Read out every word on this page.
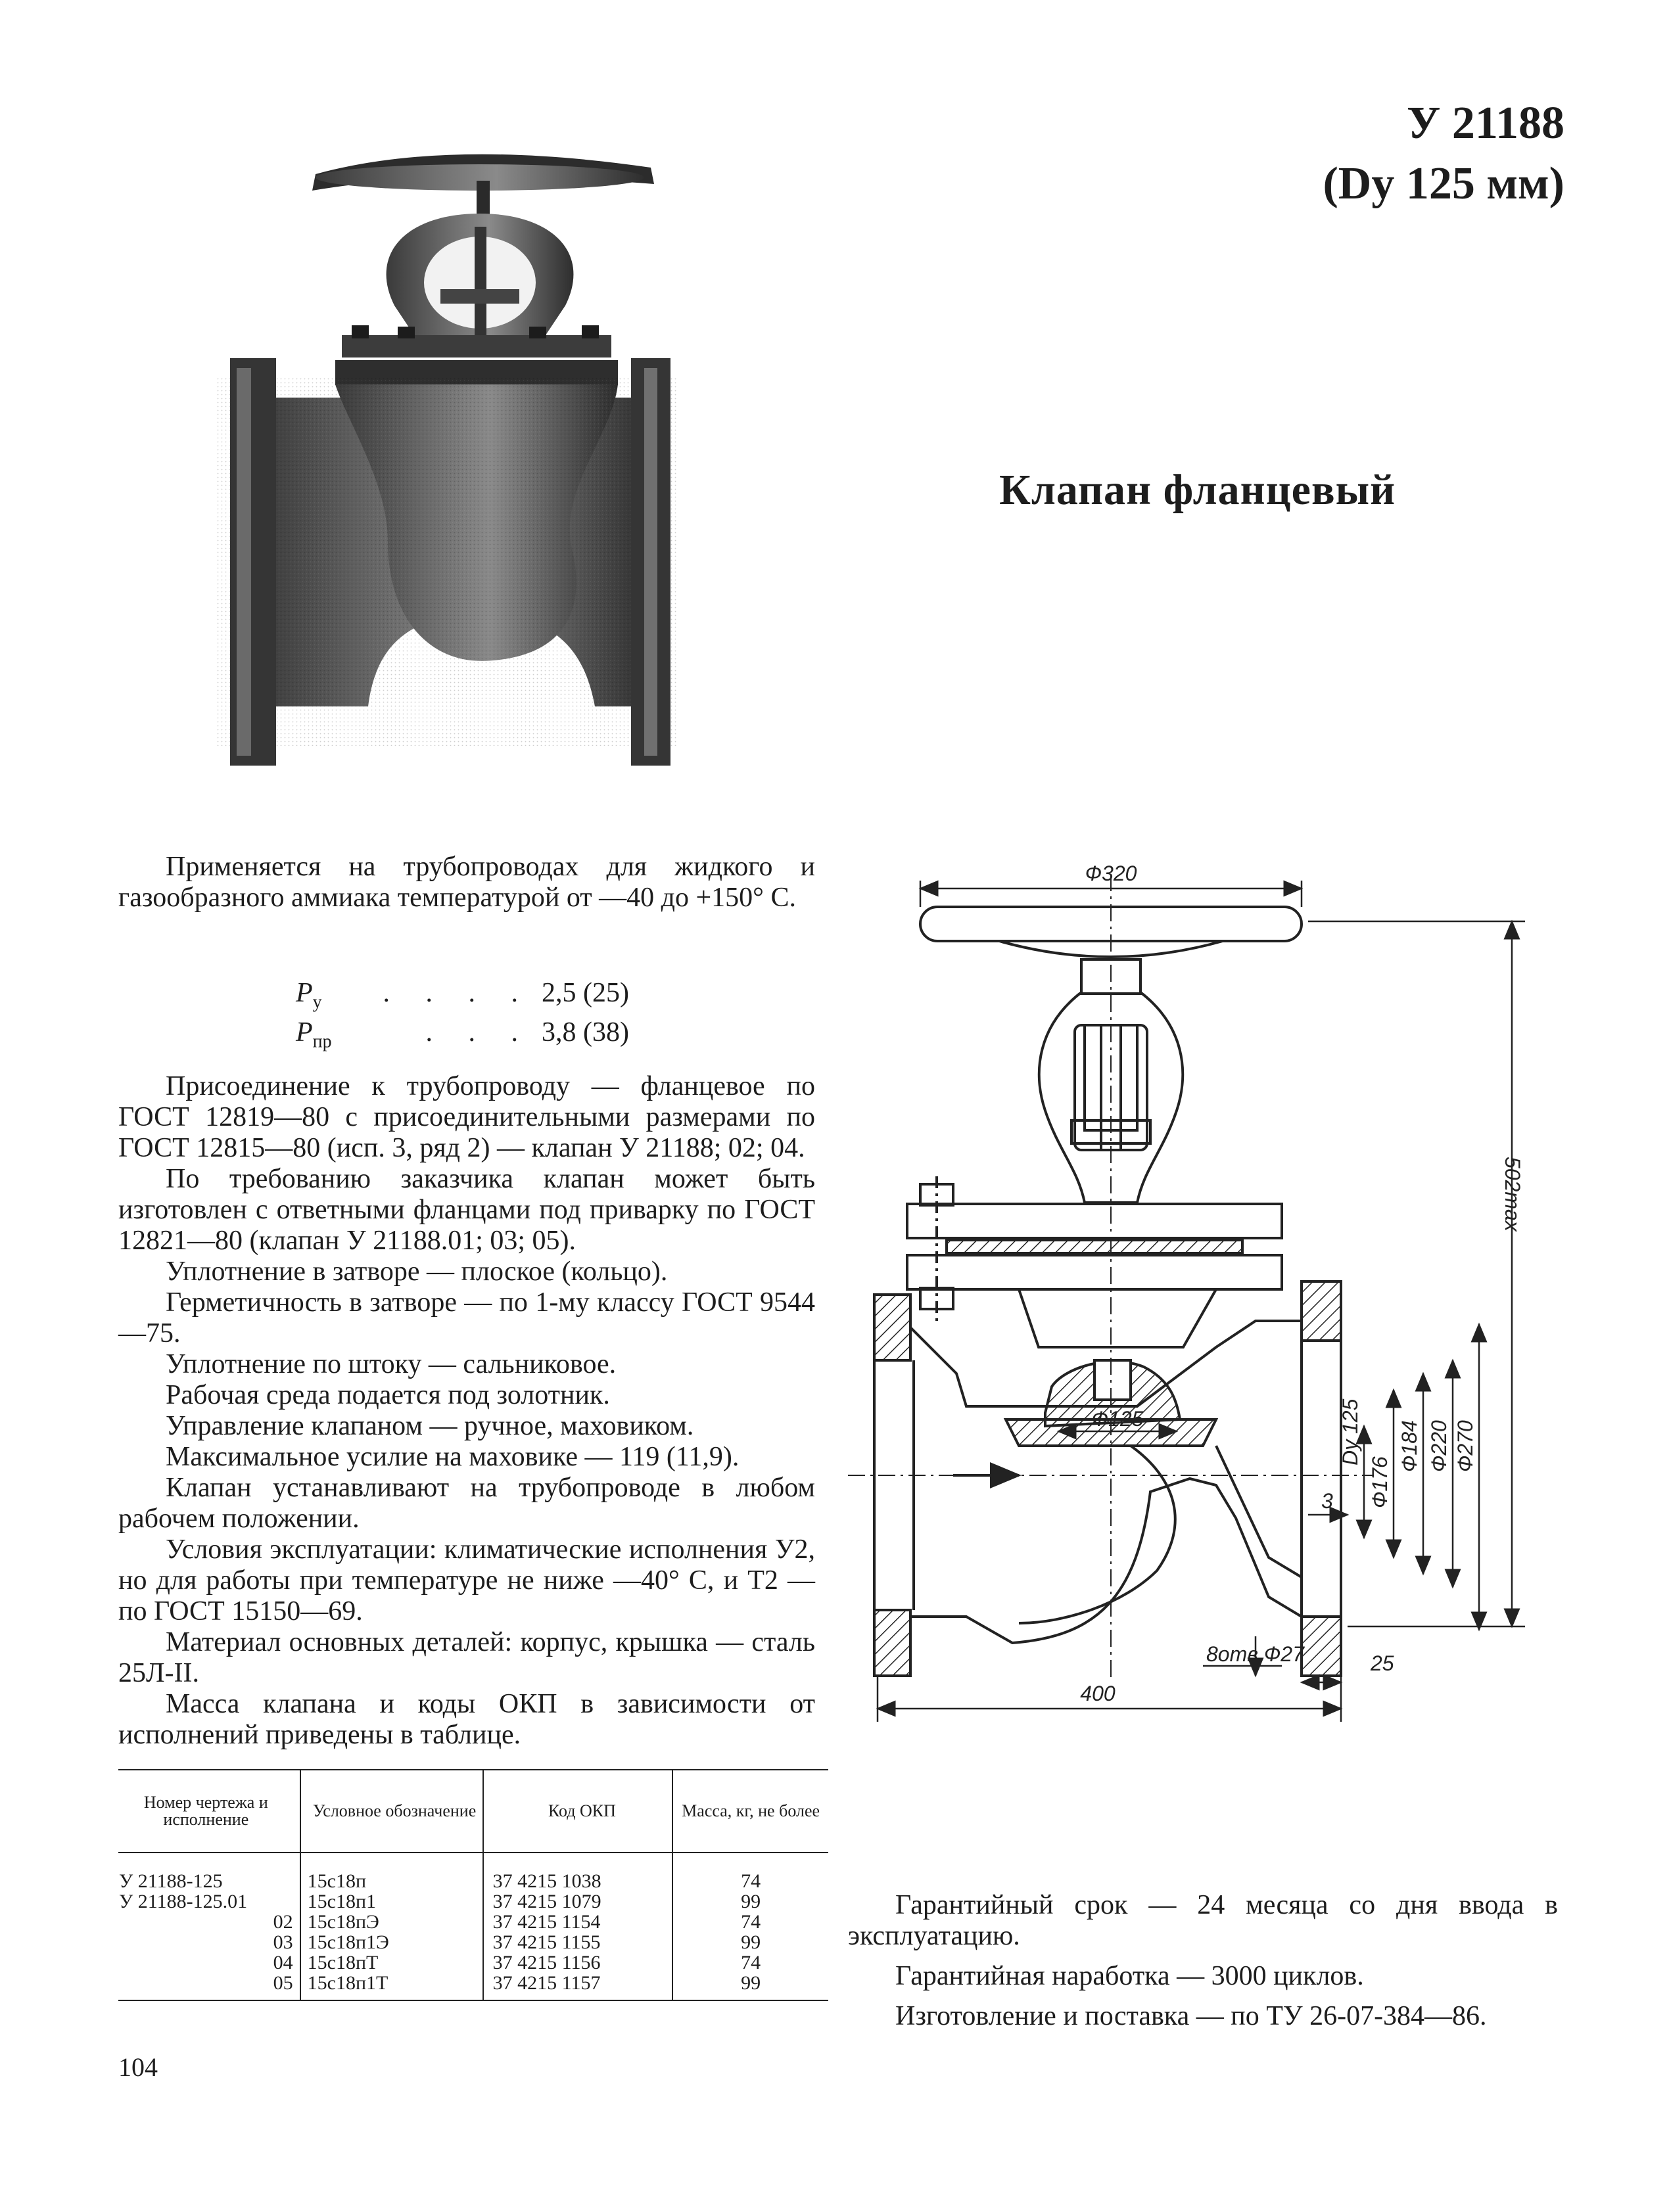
У 21188
(Dу 125 мм)
Клапан фланцевый

Применяется на трубопроводах для жидкого и газообразного аммиака температурой от —40 до +150° С.

$P_у$	. . . . 2,5 (25)
$P_{пр}$	. . . 3,8 (38)

Присоединение к трубопроводу — фланцевое по ГОСТ 12819—80 с присоединительными размерами по ГОСТ 12815—80 (исп. 3, ряд 2) — клапан У 21188; 02; 04.

По требованию заказчика клапан может быть изготовлен с ответными фланцами под приварку по ГОСТ 12821—80 (клапан У 21188.01; 03; 05).

Уплотнение в затворе — плоское (кольцо).

Герметичность в затворе — по 1-му классу ГОСТ 9544—75.

Уплотнение по штоку — сальниковое.

Рабочая среда подается под золотник.

Управление клапаном — ручное, маховиком.

Максимальное усилие на маховике — 119 (11,9).

Клапан устанавливают на трубопроводе в любом рабочем положении.

Условия эксплуатации: климатические исполнения У2, но для работы при температуре не ниже —40° С, и Т2 — по ГОСТ 15150—69.

Материал основных деталей: корпус, крышка — сталь 25Л-II.

Масса клапана и коды ОКП в зависимости от исполнений приведены в таблице.

Ф320
502max
Ф125	Dу 125
Ф176
Ф184 Ф220 Ф270
3
8отв.Ф27	25
400
Номер чертежа и исполнение	Условное обозначение	Код ОКП	Масса, кг, не более
У 21188-125	15с18п	37 4215 1038	74
У 21188-125.01	15с18п1	37 4215 1079	99
02	15с18пЭ	37 4215 1154	74
03	15с18п1Э	37 4215 1155	99
04	15с18пТ	37 4215 1156	74
05	15с18п1Т	37 4215 1157	99

Гарантийный срок — 24 месяца со дня ввода в эксплуатацию.

Гарантийная наработка — 3000 циклов.

Изготовление и поставка — по ТУ 26-07-384—86.

104
